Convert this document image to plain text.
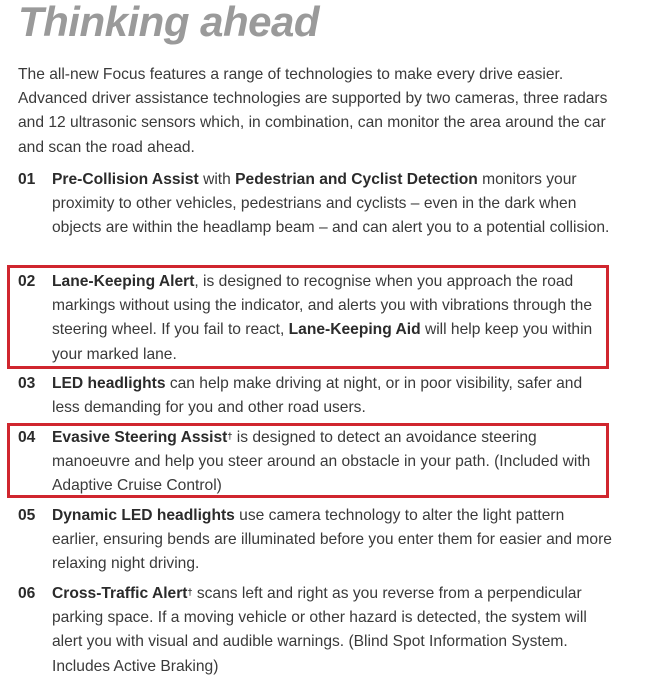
Thinking ahead
The all-new Focus features a range of technologies to make every drive easier. Advanced driver assistance technologies are supported by two cameras, three radars and 12 ultrasonic sensors which, in combination, can monitor the area around the car and scan the road ahead.
01 Pre-Collision Assist with Pedestrian and Cyclist Detection monitors your proximity to other vehicles, pedestrians and cyclists – even in the dark when objects are within the headlamp beam – and can alert you to a potential collision.
02 Lane-Keeping Alert, is designed to recognise when you approach the road markings without using the indicator, and alerts you with vibrations through the steering wheel. If you fail to react, Lane-Keeping Aid will help keep you within your marked lane.
03 LED headlights can help make driving at night, or in poor visibility, safer and less demanding for you and other road users.
04 Evasive Steering Assist† is designed to detect an avoidance steering manoeuvre and help you steer around an obstacle in your path. (Included with Adaptive Cruise Control)
05 Dynamic LED headlights use camera technology to alter the light pattern earlier, ensuring bends are illuminated before you enter them for easier and more relaxing night driving.
06 Cross-Traffic Alert† scans left and right as you reverse from a perpendicular parking space. If a moving vehicle or other hazard is detected, the system will alert you with visual and audible warnings. (Blind Spot Information System. Includes Active Braking)
